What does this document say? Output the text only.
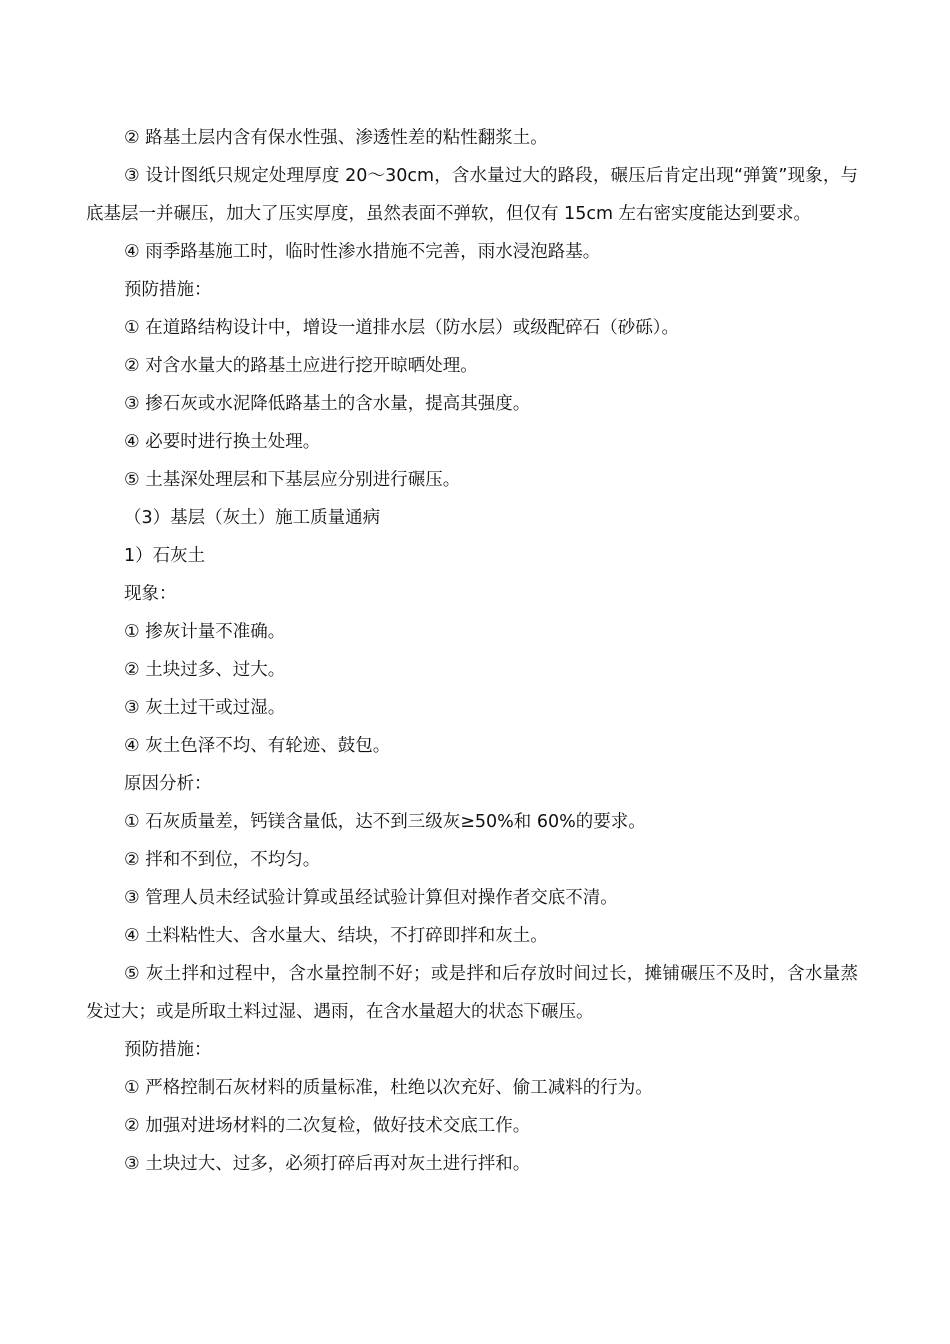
② 路基土层内含有保水性强、渗透性差的粘性翻浆土。

③ 设计图纸只规定处理厚度 20～30cm，含水量过大的路段，碾压后肯定出现“弹簧”现象，与底基层一并碾压，加大了压实厚度，虽然表面不弹软，但仅有 15cm 左右密实度能达到要求。

④ 雨季路基施工时，临时性渗水措施不完善，雨水浸泡路基。

预防措施：

① 在道路结构设计中，增设一道排水层（防水层）或级配碎石（砂砾）。

② 对含水量大的路基土应进行挖开晾晒处理。

③ 掺石灰或水泥降低路基土的含水量，提高其强度。

④ 必要时进行换土处理。

⑤ 土基深处理层和下基层应分别进行碾压。

（3）基层（灰土）施工质量通病

1）石灰土

现象：

① 掺灰计量不准确。

② 土块过多、过大。

③ 灰土过干或过湿。

④ 灰土色泽不均、有轮迹、鼓包。

原因分析：

① 石灰质量差，钙镁含量低，达不到三级灰≥50%和 60%的要求。

② 拌和不到位，不均匀。

③ 管理人员未经试验计算或虽经试验计算但对操作者交底不清。

④ 土料粘性大、含水量大、结块，不打碎即拌和灰土。

⑤ 灰土拌和过程中，含水量控制不好；或是拌和后存放时间过长，摊铺碾压不及时，含水量蒸发过大；或是所取土料过湿、遇雨，在含水量超大的状态下碾压。

预防措施：

① 严格控制石灰材料的质量标准，杜绝以次充好、偷工减料的行为。

② 加强对进场材料的二次复检，做好技术交底工作。

③ 土块过大、过多，必须打碎后再对灰土进行拌和。
